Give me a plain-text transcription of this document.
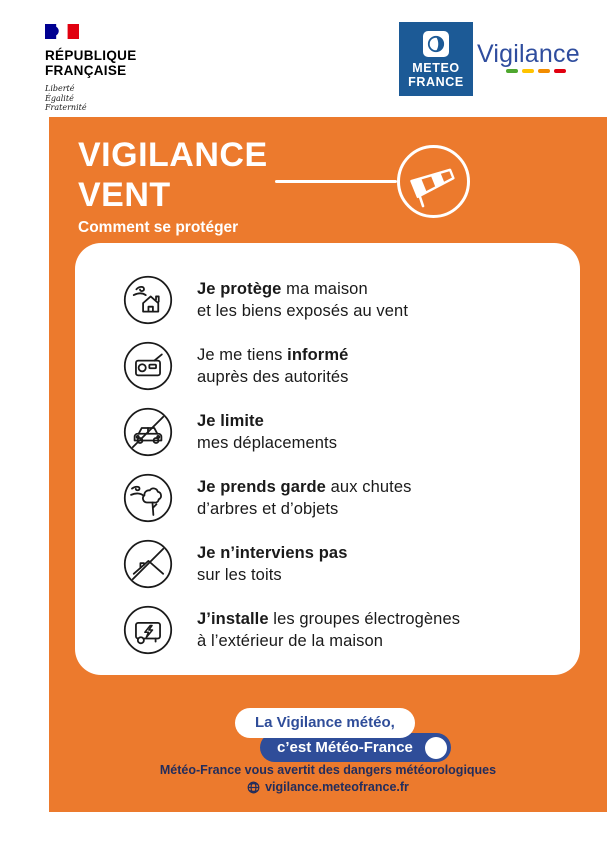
RÉPUBLIQUE
FRANÇAISE
Liberté
Égalité
Fraternité
METEO
FRANCE
Vigilance
VIGILANCE
VENT
Comment se protéger

Je protège ma maison
et les biens exposés au vent

Je me tiens informé
auprès des autorités

Je limite
mes déplacements

Je prends garde aux chutes
d’arbres et d’objets

Je n’interviens pas
sur les toits

J’installe les groupes électrogènes
à l’extérieur de la maison

La Vigilance météo,
c’est Météo-France
Météo-France vous avertit des dangers météorologiques
vigilance.meteofrance.fr
